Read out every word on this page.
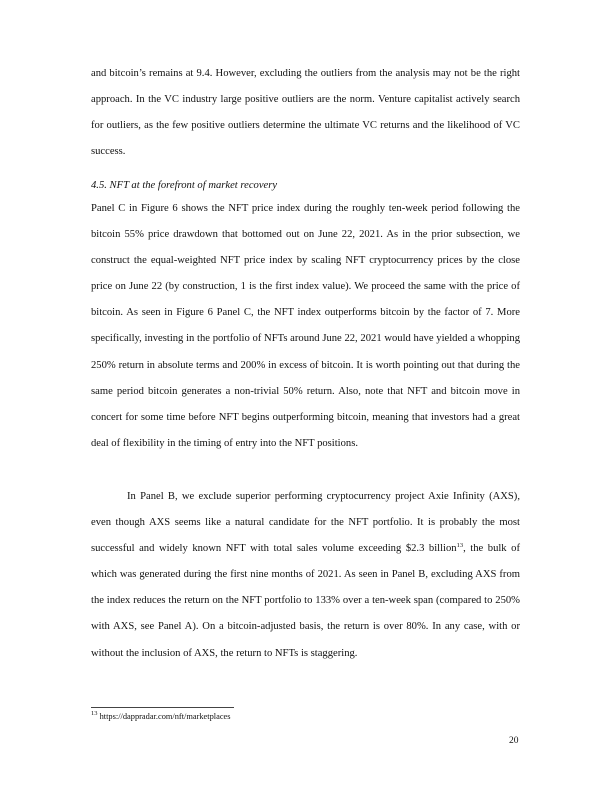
and bitcoin’s remains at 9.4. However, excluding the outliers from the analysis may not be the right approach. In the VC industry large positive outliers are the norm. Venture capitalist actively search for outliers, as the few positive outliers determine the ultimate VC returns and the likelihood of VC success.

4.5. NFT at the forefront of market recovery

Panel C in Figure 6 shows the NFT price index during the roughly ten-week period following the bitcoin 55% price drawdown that bottomed out on June 22, 2021. As in the prior subsection, we construct the equal-weighted NFT price index by scaling NFT cryptocurrency prices by the close price on June 22 (by construction, 1 is the first index value). We proceed the same with the price of bitcoin. As seen in Figure 6 Panel C, the NFT index outperforms bitcoin by the factor of 7. More specifically, investing in the portfolio of NFTs around June 22, 2021 would have yielded a whopping 250% return in absolute terms and 200% in excess of bitcoin. It is worth pointing out that during the same period bitcoin generates a non-trivial 50% return. Also, note that NFT and bitcoin move in concert for some time before NFT begins outperforming bitcoin, meaning that investors had a great deal of flexibility in the timing of entry into the NFT positions.

In Panel B, we exclude superior performing cryptocurrency project Axie Infinity (AXS), even though AXS seems like a natural candidate for the NFT portfolio. It is probably the most successful and widely known NFT with total sales volume exceeding $2.3 billion$^{13}$, the bulk of which was generated during the first nine months of 2021. As seen in Panel B, excluding AXS from the index reduces the return on the NFT portfolio to 133% over a ten-week span (compared to 250% with AXS, see Panel A). On a bitcoin-adjusted basis, the return is over 80%. In any case, with or without the inclusion of AXS, the return to NFTs is staggering.

$^{13}$ https://dappradar.com/nft/marketplaces

20
